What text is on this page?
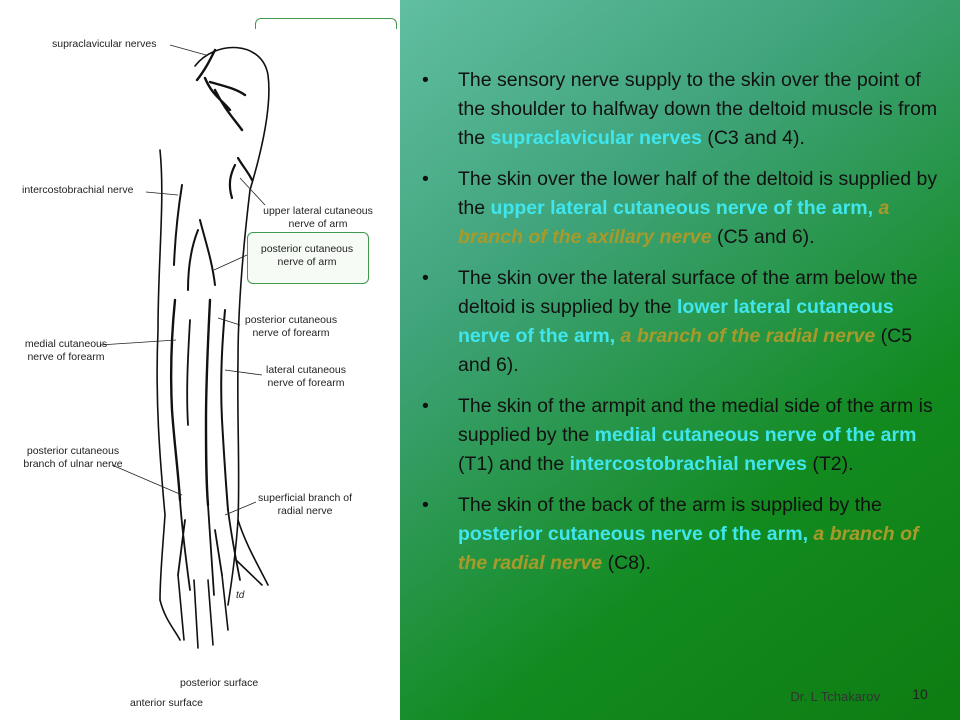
supraclavicular nerves
intercostobrachial nerve
upper lateral cutaneous nerve of arm
posterior cutaneous nerve of arm
posterior cutaneous nerve of forearm
medial cutaneous nerve of forearm
lateral cutaneous nerve of forearm
posterior cutaneous branch of ulnar nerve
superficial branch of radial nerve
td
posterior surface
anterior surface
• The sensory nerve supply to the skin over the point of the shoulder to halfway down the deltoid muscle is from the supraclavicular nerves (C3 and 4).
• The skin over the lower half of the deltoid is supplied by the upper lateral cutaneous nerve of the arm, a branch of the axillary nerve (C5 and 6).
• The skin over the lateral surface of the arm below the deltoid is supplied by the lower lateral cutaneous nerve of the arm, a branch of the radial nerve (C5 and 6).
• The skin of the armpit and the medial side of the arm is supplied by the medial cutaneous nerve of the arm (T1) and the intercostobrachial nerves (T2).
• The skin of the back of the arm is supplied by the posterior cutaneous nerve of the arm, a branch of the radial nerve (C8).
Dr. L Tchakarov	10
